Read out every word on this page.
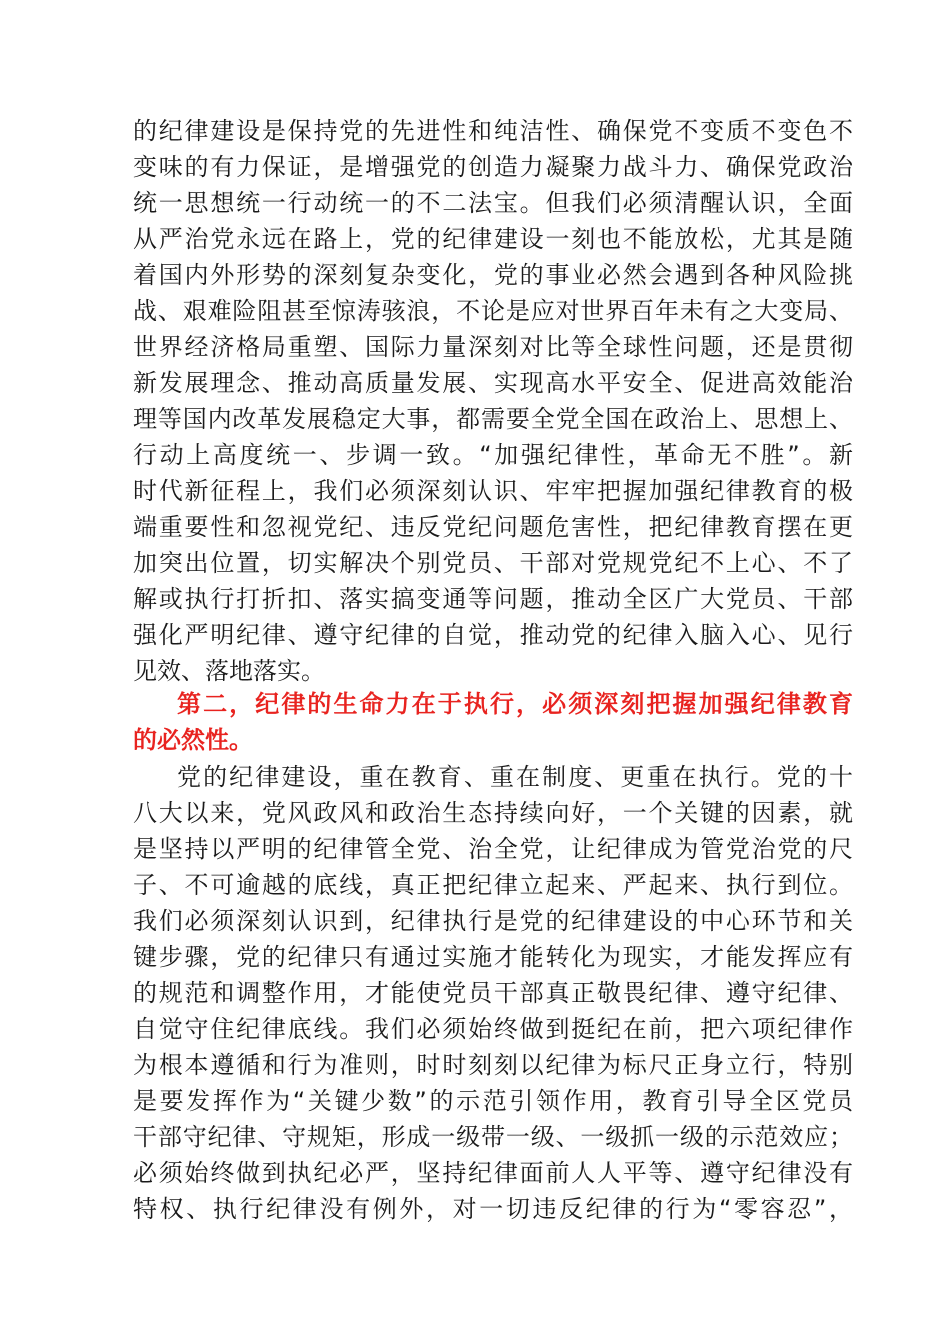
的纪律建设是保持党的先进性和纯洁性、确保党不变质不变色不
变味的有力保证，是增强党的创造力凝聚力战斗力、确保党政治
统一思想统一行动统一的不二法宝。但我们必须清醒认识，全面
从严治党永远在路上，党的纪律建设一刻也不能放松，尤其是随
着国内外形势的深刻复杂变化，党的事业必然会遇到各种风险挑
战、艰难险阻甚至惊涛骇浪，不论是应对世界百年未有之大变局、
世界经济格局重塑、国际力量深刻对比等全球性问题，还是贯彻
新发展理念、推动高质量发展、实现高水平安全、促进高效能治
理等国内改革发展稳定大事，都需要全党全国在政治上、思想上、
行动上高度统一、步调一致。“加强纪律性，革命无不胜”。新
时代新征程上，我们必须深刻认识、牢牢把握加强纪律教育的极
端重要性和忽视党纪、违反党纪问题危害性，把纪律教育摆在更
加突出位置，切实解决个别党员、干部对党规党纪不上心、不了
解或执行打折扣、落实搞变通等问题，推动全区广大党员、干部
强化严明纪律、遵守纪律的自觉，推动党的纪律入脑入心、见行
见效、落地落实。
第二，纪律的生命力在于执行，必须深刻把握加强纪律教育
的必然性。
党的纪律建设，重在教育、重在制度、更重在执行。党的十
八大以来，党风政风和政治生态持续向好，一个关键的因素，就
是坚持以严明的纪律管全党、治全党，让纪律成为管党治党的尺
子、不可逾越的底线，真正把纪律立起来、严起来、执行到位。
我们必须深刻认识到，纪律执行是党的纪律建设的中心环节和关
键步骤，党的纪律只有通过实施才能转化为现实，才能发挥应有
的规范和调整作用，才能使党员干部真正敬畏纪律、遵守纪律、
自觉守住纪律底线。我们必须始终做到挺纪在前，把六项纪律作
为根本遵循和行为准则，时时刻刻以纪律为标尺正身立行，特别
是要发挥作为“关键少数”的示范引领作用，教育引导全区党员
干部守纪律、守规矩，形成一级带一级、一级抓一级的示范效应；
必须始终做到执纪必严，坚持纪律面前人人平等、遵守纪律没有
特权、执行纪律没有例外，对一切违反纪律的行为“零容忍”，
